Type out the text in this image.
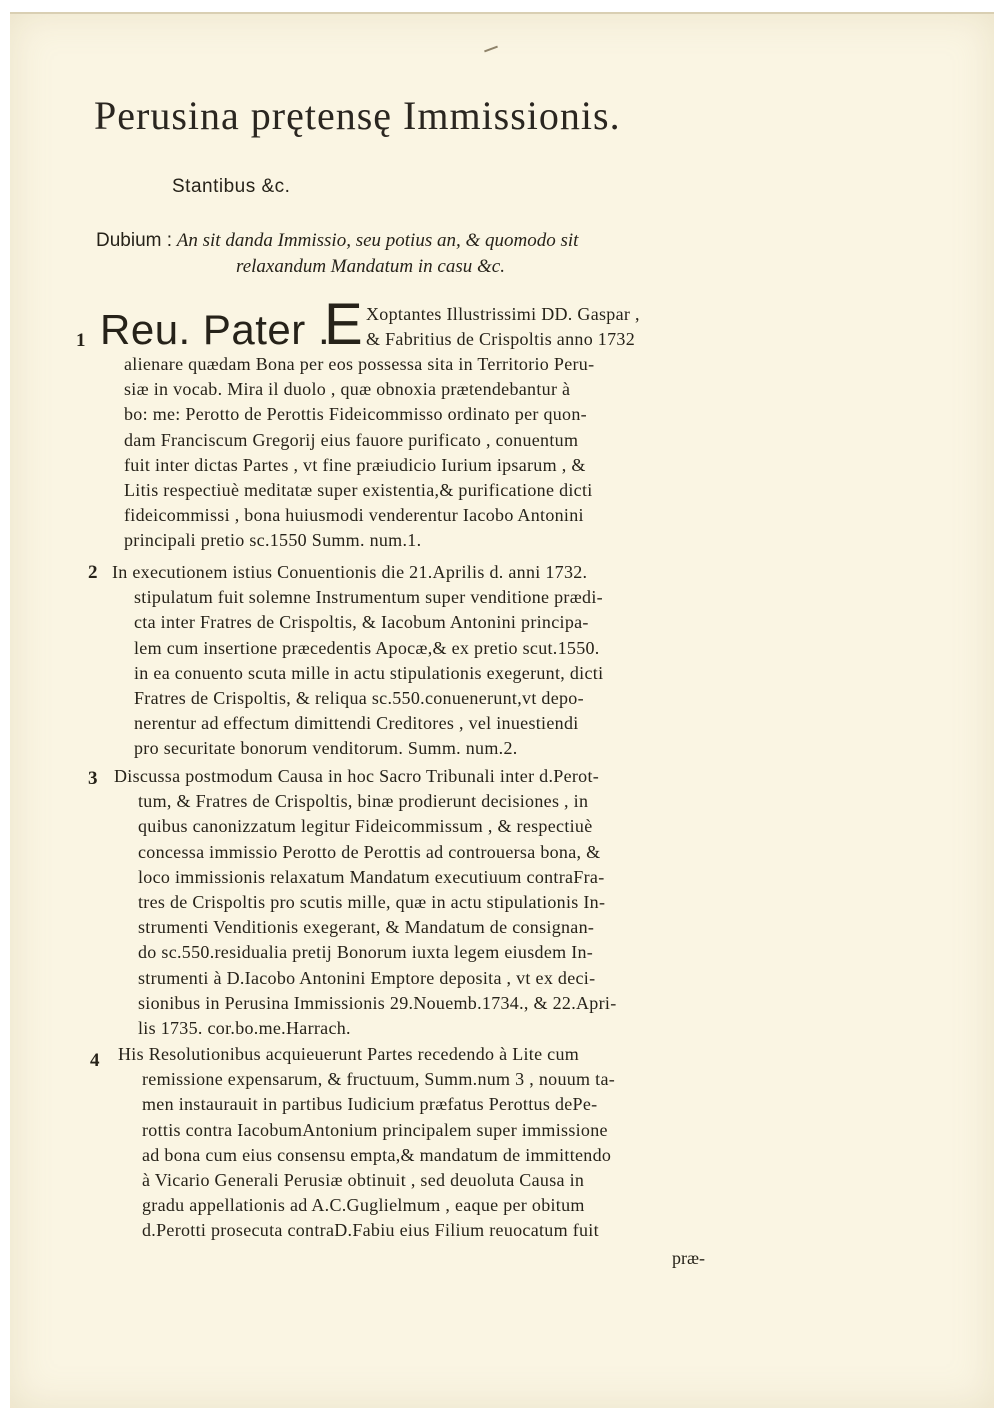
Perusina prętensę Immissionis.
Stantibus &c.
Dubium : An sit danda Immissio, seu potius an, & quomodo sit
relaxandum Mandatum in casu &c.
1 Reu. Pater .
E Xoptantes Illustrissimi DD. Gaspar ,
& Fabritius de Crispoltis anno 1732
alienare quædam Bona per eos possessa sita in Territorio Peru-
siæ in vocab. Mira il duolo , quæ obnoxia prætendebantur à
bo: me: Perotto de Perottis Fideicommisso ordinato per quon-
dam Franciscum Gregorij eius fauore purificato , conuentum
fuit inter dictas Partes , vt fine præiudicio Iurium ipsarum , &
Litis respectiuè meditatæ super existentia,& purificatione dicti
fideicommissi , bona huiusmodi venderentur Iacobo Antonini
principali pretio sc.1550 Summ. num.1.
2 In executionem istius Conuentionis die 21.Aprilis d. anni 1732.
stipulatum fuit solemne Instrumentum super venditione prædi-
cta inter Fratres de Crispoltis, & Iacobum Antonini principa-
lem cum insertione præcedentis Apocæ,& ex pretio scut.1550.
in ea conuento scuta mille in actu stipulationis exegerunt, dicti
Fratres de Crispoltis, & reliqua sc.550.conuenerunt,vt depo-
nerentur ad effectum dimittendi Creditores , vel inuestiendi
pro securitate bonorum venditorum. Summ. num.2.
3 Discussa postmodum Causa in hoc Sacro Tribunali inter d.Perot-
tum, & Fratres de Crispoltis, binæ prodierunt decisiones , in
quibus canonizzatum legitur Fideicommissum , & respectiuè
concessa immissio Perotto de Perottis ad controuersa bona, &
loco immissionis relaxatum Mandatum executiuum contraFra-
tres de Crispoltis pro scutis mille, quæ in actu stipulationis In-
strumenti Venditionis exegerant, & Mandatum de consignan-
do sc.550.residualia pretij Bonorum iuxta legem eiusdem In-
strumenti à D.Iacobo Antonini Emptore deposita , vt ex deci-
sionibus in Perusina Immissionis 29.Nouemb.1734., & 22.Apri-
lis 1735. cor.bo.me.Harrach.
4 His Resolutionibus acquieuerunt Partes recedendo à Lite cum
remissione expensarum, & fructuum, Summ.num 3 , nouum ta-
men instaurauit in partibus Iudicium præfatus Perottus dePe-
rottis contra IacobumAntonium principalem super immissione
ad bona cum eius consensu empta,& mandatum de immittendo
à Vicario Generali Perusiæ obtinuit , sed deuoluta Causa in
gradu appellationis ad A.C.Guglielmum , eaque per obitum
d.Perotti prosecuta contraD.Fabiu eius Filium reuocatum fuit
præ-
